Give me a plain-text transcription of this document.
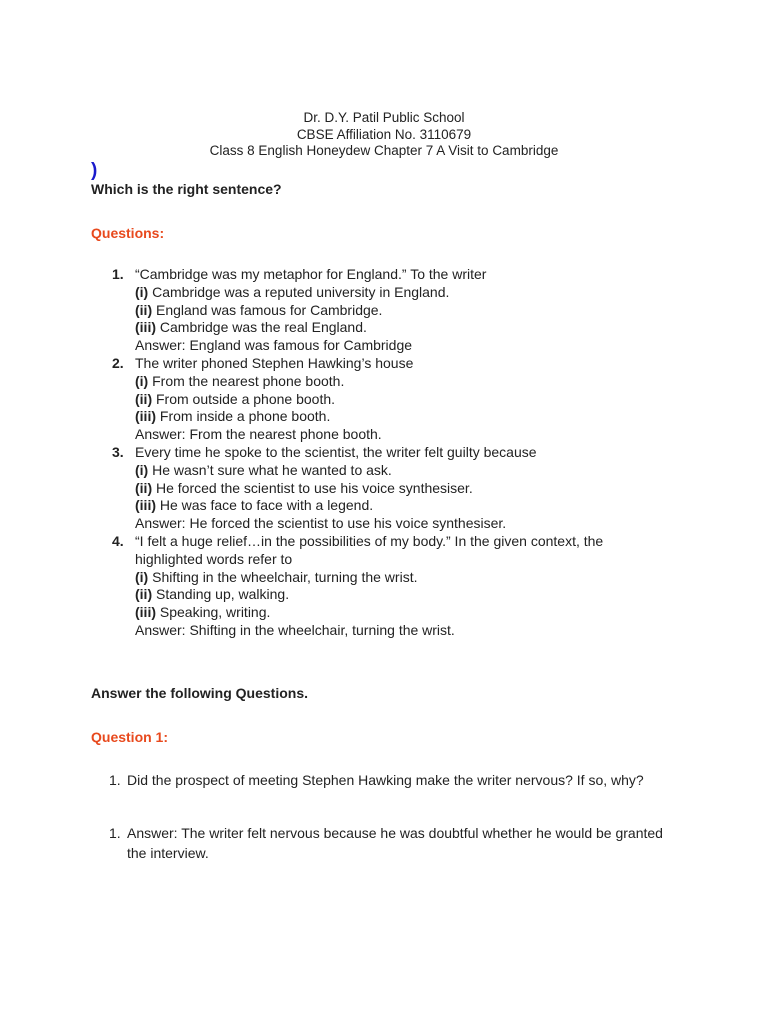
Dr. D.Y. Patil Public School
CBSE Affiliation No. 3110679
Class 8 English Honeydew Chapter 7 A Visit to Cambridge
)
Which is the right sentence?
Questions:
1. “Cambridge was my metaphor for England.” To the writer
(i) Cambridge was a reputed university in England.
(ii) England was famous for Cambridge.
(iii) Cambridge was the real England.
Answer: England was famous for Cambridge
2. The writer phoned Stephen Hawking’s house
(i) From the nearest phone booth.
(ii) From outside a phone booth.
(iii) From inside a phone booth.
Answer: From the nearest phone booth.
3. Every time he spoke to the scientist, the writer felt guilty because
(i) He wasn’t sure what he wanted to ask.
(ii) He forced the scientist to use his voice synthesiser.
(iii) He was face to face with a legend.
Answer: He forced the scientist to use his voice synthesiser.
4. “I felt a huge relief…in the possibilities of my body.” In the given context, the highlighted words refer to
(i) Shifting in the wheelchair, turning the wrist.
(ii) Standing up, walking.
(iii) Speaking, writing.
Answer: Shifting in the wheelchair, turning the wrist.
Answer the following Questions.
Question 1:
1. Did the prospect of meeting Stephen Hawking make the writer nervous? If so, why?
1. Answer: The writer felt nervous because he was doubtful whether he would be granted the interview.
